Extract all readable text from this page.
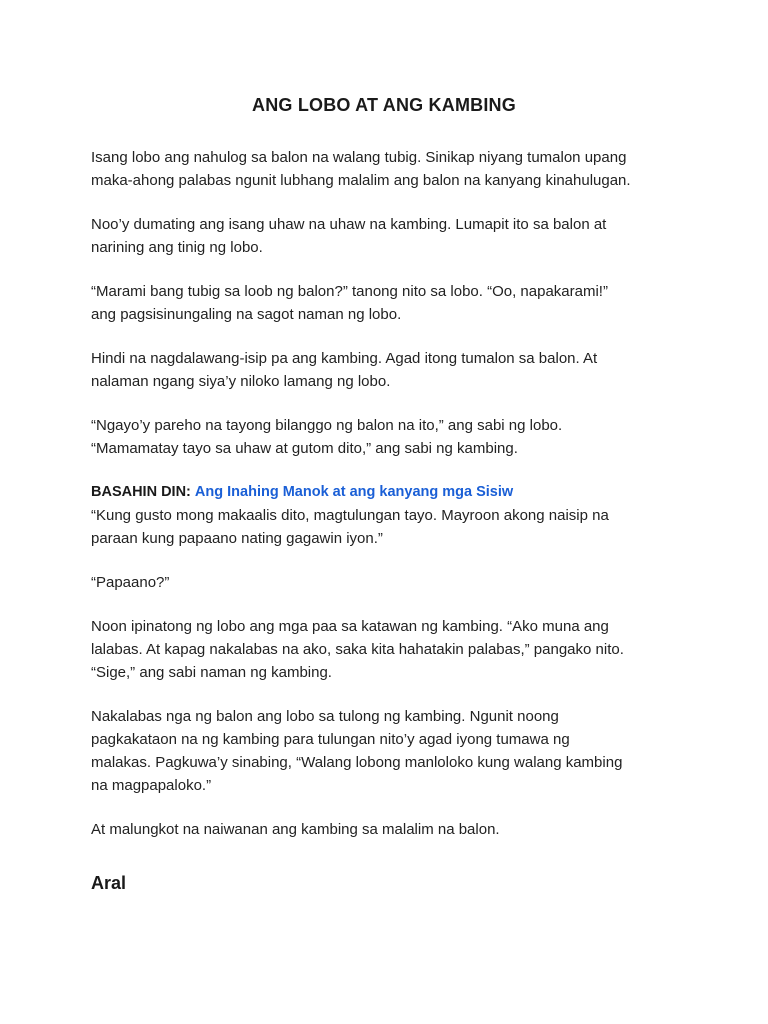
ANG LOBO AT ANG KAMBING

Isang lobo ang nahulog sa balon na walang tubig. Sinikap niyang tumalon upang
maka-ahong palabas ngunit lubhang malalim ang balon na kanyang kinahulugan.

Noo’y dumating ang isang uhaw na uhaw na kambing. Lumapit ito sa balon at
narining ang tinig ng lobo.

“Marami bang tubig sa loob ng balon?” tanong nito sa lobo. “Oo, napakarami!”
ang pagsisinungaling na sagot naman ng lobo.

Hindi na nagdalawang-isip pa ang kambing. Agad itong tumalon sa balon. At
nalaman ngang siya’y niloko lamang ng lobo.

“Ngayo’y pareho na tayong bilanggo ng balon na ito,” ang sabi ng lobo.
“Mamamatay tayo sa uhaw at gutom dito,” ang sabi ng kambing.

BASAHIN DIN: Ang Inahing Manok at ang kanyang mga Sisiw

“Kung gusto mong makaalis dito, magtulungan tayo. Mayroon akong naisip na
paraan kung papaano nating gagawin iyon.”

“Papaano?”

Noon ipinatong ng lobo ang mga paa sa katawan ng kambing. “Ako muna ang
lalabas. At kapag nakalabas na ako, saka kita hahatakin palabas,” pangako nito.
“Sige,” ang sabi naman ng kambing.

Nakalabas nga ng balon ang lobo sa tulong ng kambing. Ngunit noong
pagkakataon na ng kambing para tulungan nito’y agad iyong tumawa ng
malakas. Pagkuwa’y sinabing, “Walang lobong manloloko kung walang kambing
na magpapaloko.”

At malungkot na naiwanan ang kambing sa malalim na balon.

Aral
